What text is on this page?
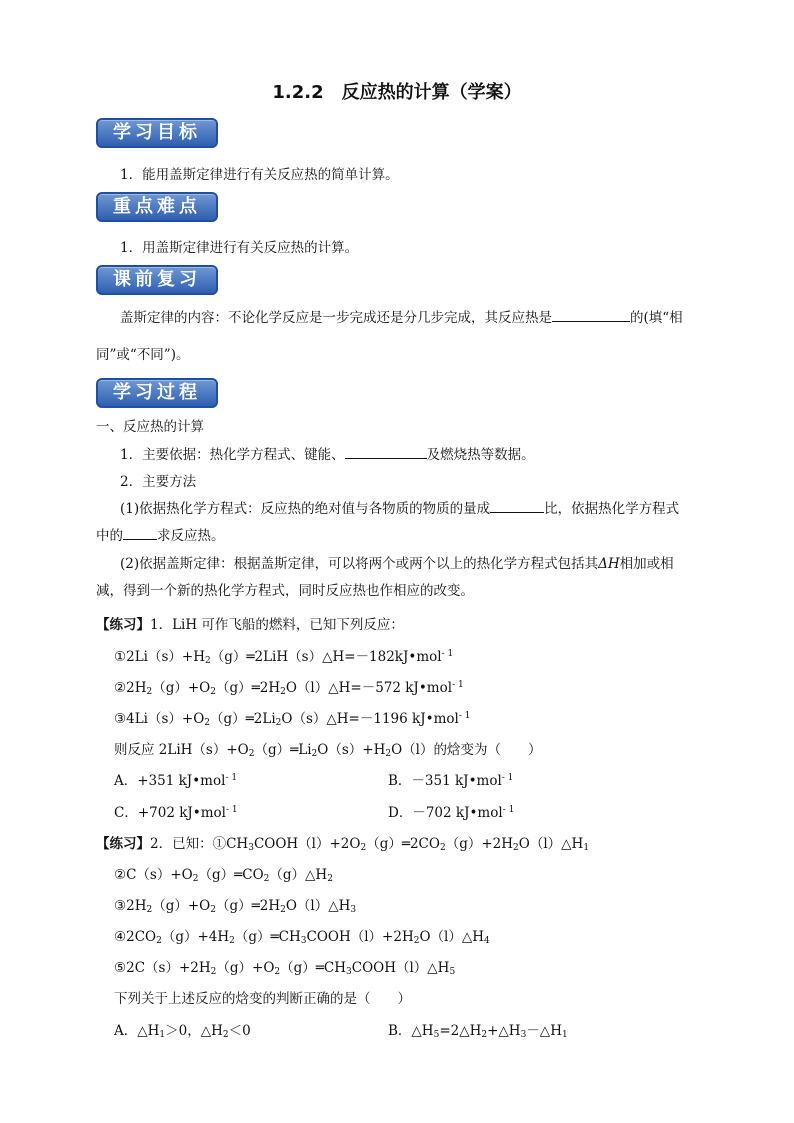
1.2.2　反应热的计算（学案）
学习目标
1．能用盖斯定律进行有关反应热的简单计算。
重点难点
1．用盖斯定律进行有关反应热的计算。
课前复习
盖斯定律的内容：不论化学反应是一步完成还是分几步完成，其反应热是	的(填“相
同”或“不同”)。
学习过程
一、反应热的计算
1．主要依据：热化学方程式、键能、	及燃烧热等数据。
2．主要方法
(1)依据热化学方程式：反应热的绝对值与各物质的物质的量成	比，依据热化学方程式
中的	求反应热。
(2)依据盖斯定律：根据盖斯定律，可以将两个或两个以上的热化学方程式包括其ΔH相加或相
减，得到一个新的热化学方程式，同时反应热也作相应的改变。
【练习】1．LiH 可作飞船的燃料，已知下列反应：
$①2Li(s)+H_2(g)═2LiH(s)\triangle H=-182kJ•mol^{- 1}$
$②2H_2(g)+O_2(g)═2H_2O(l)\triangle H=-572$ kJ•mol$^{- 1}$
$③4Li(s)+O_2(g)═2Li_2O(s)\triangle H=-1196$ kJ•mol$^{- 1}$
则反应 $2LiH(s)+O_2(g)═Li_2O(s)+H_2O(l)$的焓变为（　　）
A．+351 kJ•mol$^{- 1}$	B．－351 kJ•mol$^{- 1}$
C．+702 kJ•mol$^{- 1}$	D．－702 kJ•mol$^{- 1}$
【练习】2．已知：$①CH_3COOH(l)+2O_2(g)═2CO_2(g)+2H_2O(l)\triangle H_1$
$②C(s)+O_2(g)═CO_2(g)\triangle H_2$
$③2H_2(g)+O_2(g)═2H_2O(l)\triangle H_3$
$④2CO_2(g)+4H_2(g)═CH_3COOH(l)+2H_2O(l)\triangle H_4$
$⑤2C(s)+2H_2(g)+O_2(g)═CH_3COOH(l)\triangle H_5$
下列关于上述反应的焓变的判断正确的是（　　）
A．$\triangle H_1>0$，$\triangle H_2<0$	B．$\triangle H_5=2\triangle H_2+\triangle H_3-\triangle H_1$
